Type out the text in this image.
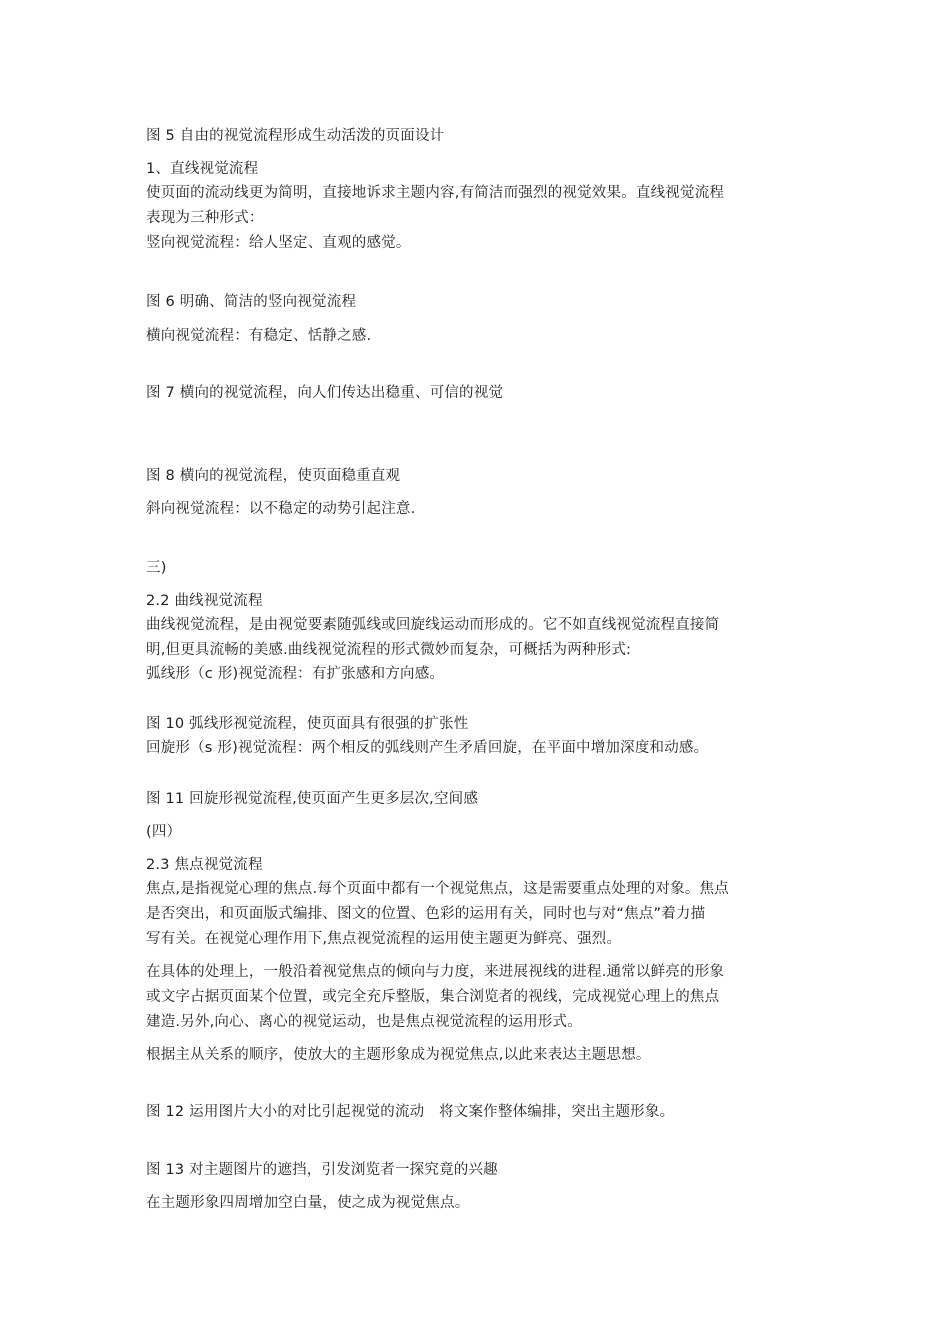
图 5 自由的视觉流程形成生动活泼的页面设计
1、直线视觉流程
使页面的流动线更为简明，直接地诉求主题内容,有简洁而强烈的视觉效果。直线视觉流程
表现为三种形式：
竖向视觉流程：给人坚定、直观的感觉。
图 6 明确、简洁的竖向视觉流程
横向视觉流程：有稳定、恬静之感.
图 7 横向的视觉流程，向人们传达出稳重、可信的视觉
图 8 横向的视觉流程，使页面稳重直观
斜向视觉流程：以不稳定的动势引起注意.
三)
2.2 曲线视觉流程
曲线视觉流程，是由视觉要素随弧线或回旋线运动而形成的。它不如直线视觉流程直接简
明,但更具流畅的美感.曲线视觉流程的形式微妙而复杂，可概括为两种形式:
弧线形（c 形)视觉流程：有扩张感和方向感。
图 10 弧线形视觉流程，使页面具有很强的扩张性
回旋形（s 形)视觉流程：两个相反的弧线则产生矛盾回旋，在平面中增加深度和动感。
图 11 回旋形视觉流程,使页面产生更多层次,空间感
(四）
2.3 焦点视觉流程
焦点,是指视觉心理的焦点.每个页面中都有一个视觉焦点，这是需要重点处理的对象。焦点
是否突出，和页面版式编排、图文的位置、色彩的运用有关，同时也与对“焦点”着力描
写有关。在视觉心理作用下,焦点视觉流程的运用使主题更为鲜亮、强烈。
在具体的处理上，一般沿着视觉焦点的倾向与力度，来进展视线的进程.通常以鲜亮的形象
或文字占据页面某个位置，或完全充斥整版，集合浏览者的视线，完成视觉心理上的焦点
建造.另外,向心、离心的视觉运动，也是焦点视觉流程的运用形式。
根据主从关系的顺序，使放大的主题形象成为视觉焦点,以此来表达主题思想。
图 12 运用图片大小的对比引起视觉的流动　将文案作整体编排，突出主题形象。
图 13 对主题图片的遮挡，引发浏览者一探究竟的兴趣
在主题形象四周增加空白量，使之成为视觉焦点。
